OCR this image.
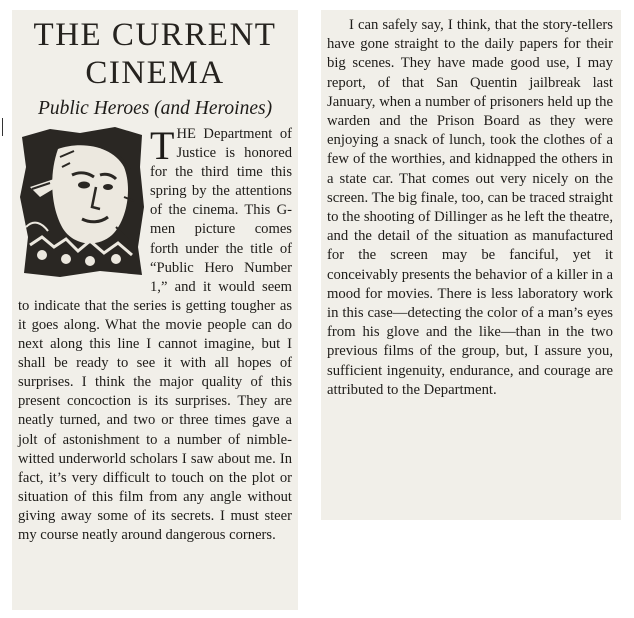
THE CURRENT
CINEMA
Public Heroes (and Heroines)
T HE Department of Justice is honored for the third time this spring by the attentions of the cinema. This G-men picture comes forth under the title of “Public Hero Number 1,” and it would seem to indicate that the series is getting tougher as it goes along. What the movie people can do next along this line I cannot imagine, but I shall be ready to see it with all hopes of surprises. I think the major quality of this present concoction is its surprises. They are neatly turned, and two or three times gave a jolt of astonishment to a number of nimble-witted underworld scholars I saw about me. In fact, it’s very difficult to touch on the plot or situation of this film from any angle without giving away some of its secrets. I must steer my course neatly around dangerous corners.

I can safely say, I think, that the story-tellers have gone straight to the daily papers for their big scenes. They have made good use, I may report, of that San Quentin jailbreak last January, when a number of prisoners held up the warden and the Prison Board as they were enjoying a snack of lunch, took the clothes of a few of the worthies, and kidnapped the others in a state car. That comes out very nicely on the screen. The big finale, too, can be traced straight to the shooting of Dillinger as he left the theatre, and the detail of the situation as manufactured for the screen may be fanciful, yet it conceivably presents the behavior of a killer in a mood for movies. There is less laboratory work in this case—detecting the color of a man’s eyes from his glove and the like—than in the two previous films of the group, but, I assure you, sufficient ingenuity, endurance, and courage are attributed to the Department.
